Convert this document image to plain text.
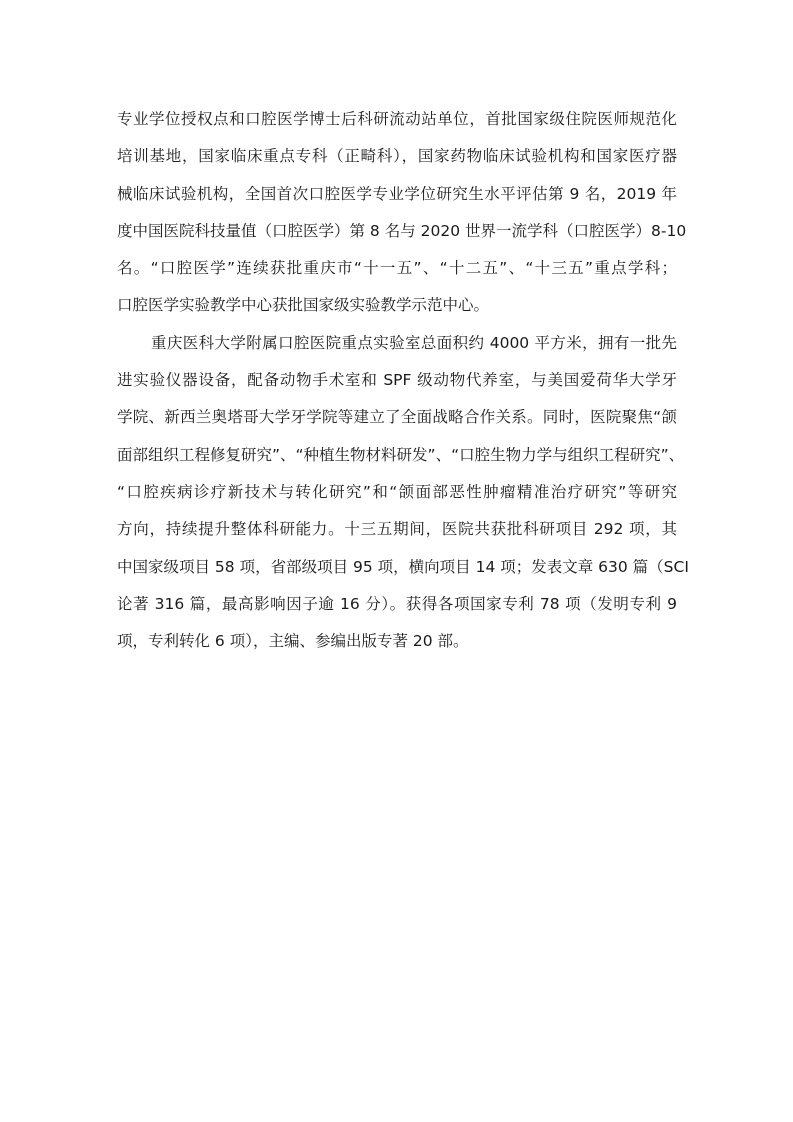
专业学位授权点和口腔医学博士后科研流动站单位，首批国家级住院医师规范化
培训基地，国家临床重点专科（正畸科），国家药物临床试验机构和国家医疗器
械临床试验机构，全国首次口腔医学专业学位研究生水平评估第 9 名，2019 年
度中国医院科技量值（口腔医学）第 8 名与 2020 世界一流学科（口腔医学）8-10
名。“口腔医学”连续获批重庆市“十一五”、“十二五”、“十三五”重点学科；
口腔医学实验教学中心获批国家级实验教学示范中心。
重庆医科大学附属口腔医院重点实验室总面积约 4000 平方米，拥有一批先
进实验仪器设备，配备动物手术室和 SPF 级动物代养室，与美国爱荷华大学牙
学院、新西兰奥塔哥大学牙学院等建立了全面战略合作关系。同时，医院聚焦“颌
面部组织工程修复研究”、“种植生物材料研发”、“口腔生物力学与组织工程研究”、
“口腔疾病诊疗新技术与转化研究”和“颌面部恶性肿瘤精准治疗研究”等研究
方向，持续提升整体科研能力。十三五期间，医院共获批科研项目 292 项，其
中国家级项目 58 项，省部级项目 95 项，横向项目 14 项；发表文章 630 篇（SCI
论著 316 篇，最高影响因子逾 16 分）。获得各项国家专利 78 项（发明专利 9
项，专利转化 6 项），主编、参编出版专著 20 部。
